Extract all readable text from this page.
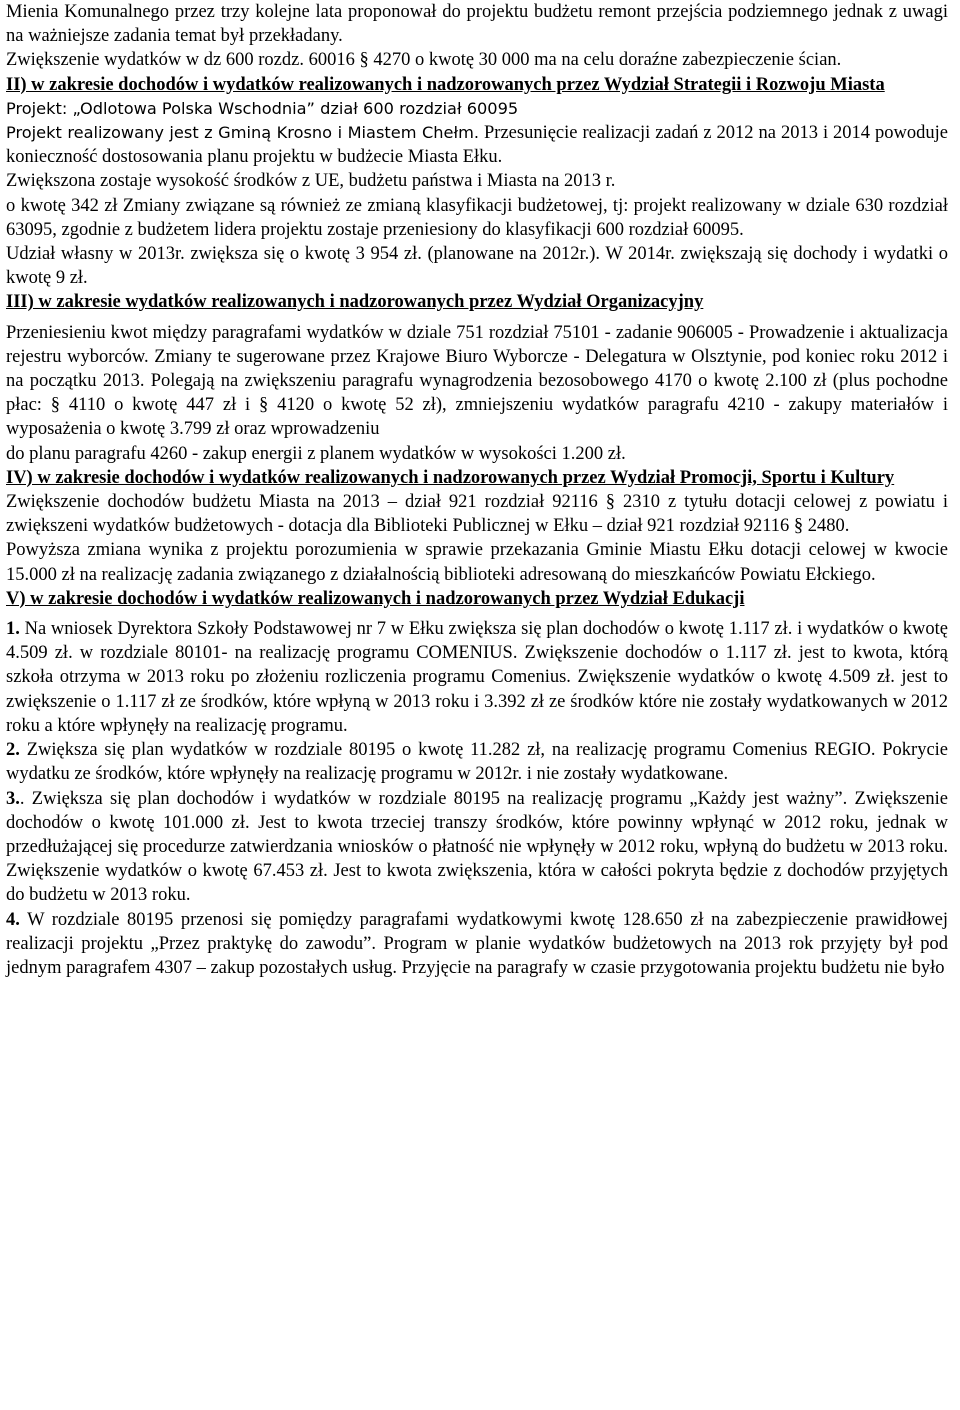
Mienia Komunalnego przez trzy kolejne lata proponował do projektu budżetu remont przejścia podziemnego jednak z uwagi na ważniejsze zadania temat był przekładany.

Zwiększenie wydatków w dz 600 rozdz. 60016 § 4270 o kwotę 30 000 ma na celu doraźne zabezpieczenie ścian.

II) w zakresie dochodów i wydatków realizowanych i nadzorowanych przez Wydział Strategii i Rozwoju Miasta

Projekt: „Odlotowa Polska Wschodnia” dział 600 rozdział 60095

Projekt realizowany jest z Gminą Krosno i Miastem Chełm. Przesunięcie realizacji zadań z 2012 na 2013 i 2014 powoduje konieczność dostosowania planu projektu w budżecie Miasta Ełku.

Zwiększona zostaje wysokość środków z UE, budżetu państwa i Miasta na 2013 r.

o kwotę 342 zł Zmiany związane są również ze zmianą klasyfikacji budżetowej, tj: projekt realizowany w dziale 630 rozdział 63095, zgodnie z budżetem lidera projektu zostaje przeniesiony do klasyfikacji 600 rozdział 60095.

Udział własny w 2013r. zwiększa się o kwotę 3 954 zł. (planowane na 2012r.). W 2014r. zwiększają się dochody i wydatki o kwotę 9 zł.

III) w zakresie wydatków realizowanych i nadzorowanych przez Wydział Organizacyjny

Przeniesieniu kwot między paragrafami wydatków w dziale 751 rozdział 75101 - zadanie 906005 - Prowadzenie i aktualizacja rejestru wyborców. Zmiany te sugerowane przez Krajowe Biuro Wyborcze - Delegatura w Olsztynie, pod koniec roku 2012 i na początku 2013. Polegają na zwiększeniu paragrafu wynagrodzenia bezosobowego 4170 o kwotę 2.100 zł (plus pochodne płac: § 4110 o kwotę 447 zł i § 4120 o kwotę 52 zł), zmniejszeniu wydatków paragrafu 4210 - zakupy materiałów i wyposażenia o kwotę 3.799 zł oraz wprowadzeniu

do planu paragrafu 4260 - zakup energii z planem wydatków w wysokości 1.200 zł.

IV) w zakresie dochodów i wydatków realizowanych i nadzorowanych przez Wydział Promocji, Sportu i Kultury

Zwiększenie dochodów budżetu Miasta na 2013 – dział 921 rozdział 92116 § 2310 z tytułu dotacji celowej z powiatu i zwiększeni wydatków budżetowych - dotacja dla Biblioteki Publicznej w Ełku – dział 921 rozdział 92116 § 2480.

Powyższa zmiana wynika z projektu porozumienia w sprawie przekazania Gminie Miastu Ełku dotacji celowej w kwocie 15.000 zł na realizację zadania związanego z działalnością biblioteki adresowaną do mieszkańców Powiatu Ełckiego.

V) w zakresie dochodów i wydatków realizowanych i nadzorowanych przez Wydział Edukacji

1. Na wniosek Dyrektora Szkoły Podstawowej nr 7 w Ełku zwiększa się plan dochodów o kwotę 1.117 zł. i wydatków o kwotę 4.509 zł. w rozdziale 80101- na realizację programu COMENIUS. Zwiększenie dochodów o 1.117 zł. jest to kwota, którą szkoła otrzyma w 2013 roku po złożeniu rozliczenia programu Comenius. Zwiększenie wydatków o kwotę 4.509 zł. jest to zwiększenie o 1.117 zł ze środków, które wpłyną w 2013 roku i 3.392 zł ze środków które nie zostały wydatkowanych w 2012 roku a które wpłynęły na realizację programu.

2. Zwiększa się plan wydatków w rozdziale 80195 o kwotę 11.282 zł, na realizację programu Comenius REGIO. Pokrycie wydatku ze środków, które wpłynęły na realizację programu w 2012r. i nie zostały wydatkowane.

3.. Zwiększa się plan dochodów i wydatków w rozdziale 80195 na realizację programu „Każdy jest ważny”. Zwiększenie dochodów o kwotę 101.000 zł. Jest to kwota trzeciej transzy środków, które powinny wpłynąć w 2012 roku, jednak w przedłużającej się procedurze zatwierdzania wniosków o płatność nie wpłynęły w 2012 roku, wpłyną do budżetu w 2013 roku. Zwiększenie wydatków o kwotę 67.453 zł. Jest to kwota zwiększenia, która w całości pokryta będzie z dochodów przyjętych do budżetu w 2013 roku.

4. W rozdziale 80195 przenosi się pomiędzy paragrafami wydatkowymi kwotę 128.650 zł na zabezpieczenie prawidłowej realizacji projektu „Przez praktykę do zawodu”. Program w planie wydatków budżetowych na 2013 rok przyjęty był pod jednym paragrafem 4307 – zakup pozostałych usług. Przyjęcie na paragrafy w czasie przygotowania projektu budżetu nie było
